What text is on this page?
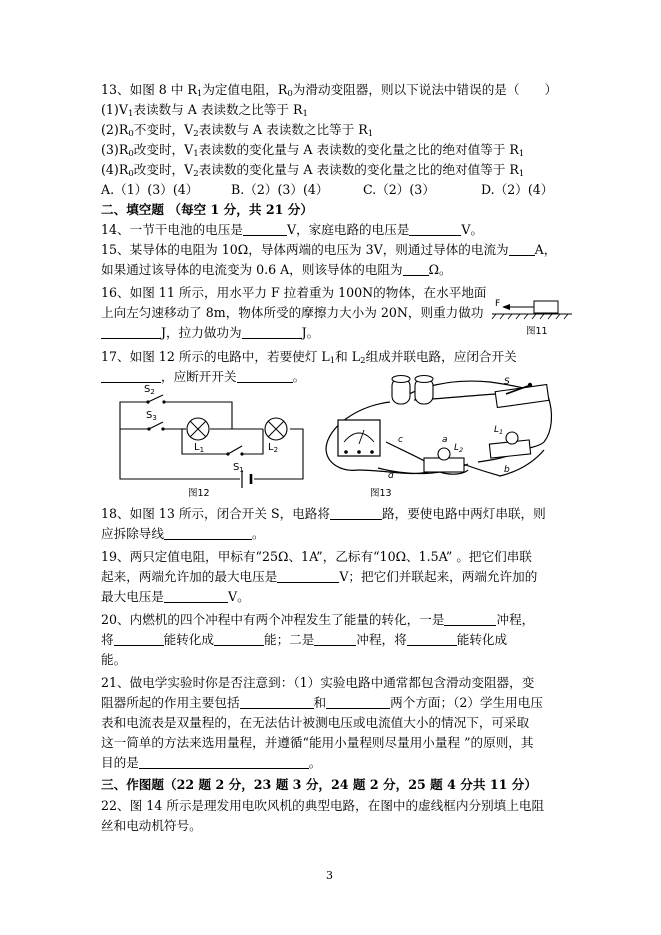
13、如图 8 中 $R_1$为定值电阻，$R_0$为滑动变阻器，则以下说法中错误的是（　　）
$(1)V_1$表读数与 A 表读数之比等于 $R_1$
$(2)R_0$不变时，$V_2$表读数与 A 表读数之比等于 $R_1$
$(3)R_0$改变时，$V_1$表读数的变化量与 A 表读数的变化量之比的绝对值等于 $R_1$
$(4)R_0$改变时，$V_2$表读数的变化量与 A 表读数的变化量之比的绝对值等于 $R_1$
A.（1）(3）(4）	B.（2）(3）(4）	C.（2）(3）	D.（2）(4）
二、填空题 （每空 1 分，共 21 分）
14、一节干电池的电压是	V，家庭电路的电压是	V。
15、某导体的电阻为 10Ω，导体两端的电压为 3V，则通过导体的电流为 A，
如果通过该导体的电流变为 0.6 A，则该导体的电阻为 Ω。
16、如图 11 所示，用水平力 F 拉着重为 100N的物体，在水平地面
上向左匀速移动了 8m，物体所受的摩擦力大小为 20N，则重力做功
J，拉力做功为	J。
F
图11
17、如图 12 所示的电路中，若要使灯 $L_1$和 $L_2$组成并联电路，应闭合开关
，应断开开关	。
$S_2$
$S_3$
$L_1$	$L_2$
$S_1$
图12
S
$L_1$
$L_2$
a
b
c
d
图13
18、如图 13 所示，闭合开关 S，电路将	路，要使电路中两灯串联，则
应拆除导线	。
19、两只定值电阻，甲标有“25Ω、1A”，乙标有“10Ω、1.5A” 。把它们串联
起来，两端允许加的最大电压是	V；把它们并联起来，两端允许加的
最大电压是	V。
20、内燃机的四个冲程中有两个冲程发生了能量的转化，一是	冲程，
将	能转化成	能；二是	冲程，将	能转化成
能。
21、做电学实验时你是否注意到：（1）实验电路中通常都包含滑动变阻器，变
阻器所起的作用主要包括	和	两个方面；（2）学生用电压
表和电流表是双量程的，在无法估计被测电压或电流值大小的情况下，可采取
这一简单的方法来选用量程，并遵循“能用小量程则尽量用小量程 ”的原则，其
目的是	。
三、作图题（22 题 2 分，23 题 3 分，24 题 2 分，25 题 4 分共 11 分）
22、图 14 所示是理发用电吹风机的典型电路，在图中的虚线框内分别填上电阻
丝和电动机符号。
3
